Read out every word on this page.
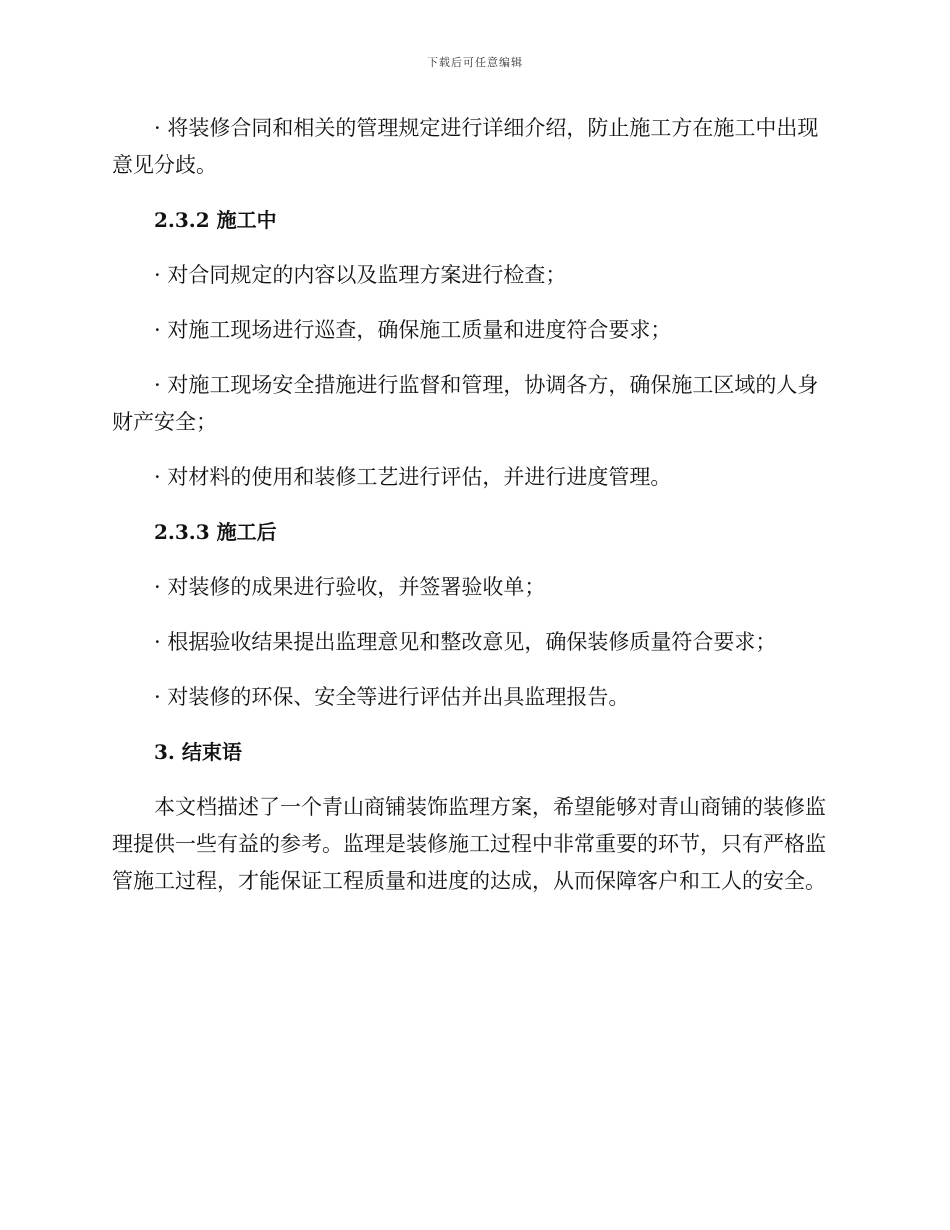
下载后可任意编辑

· 将装修合同和相关的管理规定进行详细介绍，防止施工方在施工中出现意见分歧。

2.3.2 施工中

· 对合同规定的内容以及监理方案进行检查；

· 对施工现场进行巡查，确保施工质量和进度符合要求；

· 对施工现场安全措施进行监督和管理，协调各方，确保施工区域的人身财产安全；

· 对材料的使用和装修工艺进行评估，并进行进度管理。

2.3.3 施工后

· 对装修的成果进行验收，并签署验收单；

· 根据验收结果提出监理意见和整改意见，确保装修质量符合要求；

· 对装修的环保、安全等进行评估并出具监理报告。

3. 结束语

本文档描述了一个青山商铺装饰监理方案，希望能够对青山商铺的装修监理提供一些有益的参考。监理是装修施工过程中非常重要的环节，只有严格监管施工过程，才能保证工程质量和进度的达成，从而保障客户和工人的安全。
